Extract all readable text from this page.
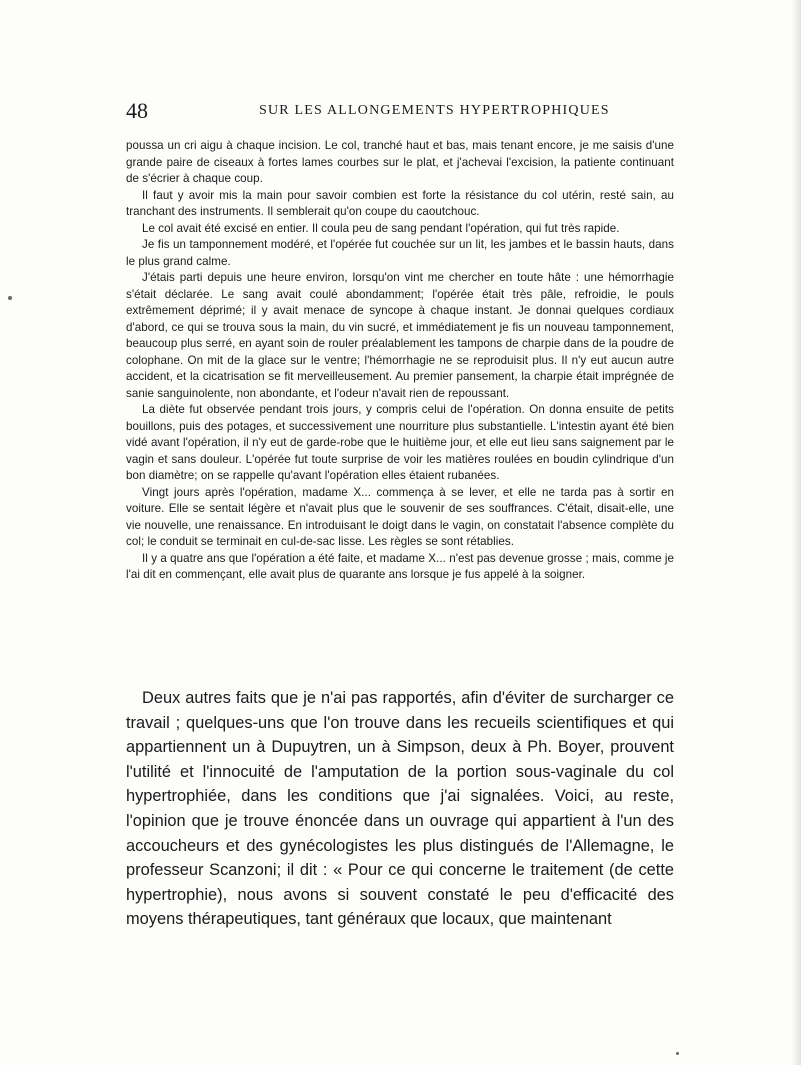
48	SUR LES ALLONGEMENTS HYPERTROPHIQUES

poussa un cri aigu à chaque incision. Le col, tranché haut et bas, mais tenant encore, je me saisis d'une grande paire de ciseaux à fortes lames courbes sur le plat, et j'achevai l'excision, la patiente continuant de s'écrier à chaque coup.

Il faut y avoir mis la main pour savoir combien est forte la résistance du col utérin, resté sain, au tranchant des instruments. Il semblerait qu'on coupe du caoutchouc.

Le col avait été excisé en entier. Il coula peu de sang pendant l'opération, qui fut très rapide.

Je fis un tamponnement modéré, et l'opérée fut couchée sur un lit, les jambes et le bassin hauts, dans le plus grand calme.

J'étais parti depuis une heure environ, lorsqu'on vint me chercher en toute hâte : une hémorrhagie s'était déclarée. Le sang avait coulé abondamment; l'opérée était très pâle, refroidie, le pouls extrêmement déprimé; il y avait menace de syncope à chaque instant. Je donnai quelques cordiaux d'abord, ce qui se trouva sous la main, du vin sucré, et immédiatement je fis un nouveau tamponnement, beaucoup plus serré, en ayant soin de rouler préalablement les tampons de charpie dans de la poudre de colophane. On mit de la glace sur le ventre; l'hémorrhagie ne se reproduisit plus. Il n'y eut aucun autre accident, et la cicatrisation se fit merveilleusement. Au premier pansement, la charpie était imprégnée de sanie sanguinolente, non abondante, et l'odeur n'avait rien de repoussant.

La diète fut observée pendant trois jours, y compris celui de l'opération. On donna ensuite de petits bouillons, puis des potages, et successivement une nourriture plus substantielle. L'intestin ayant été bien vidé avant l'opération, il n'y eut de garde-robe que le huitième jour, et elle eut lieu sans saignement par le vagin et sans douleur. L'opérée fut toute surprise de voir les matières roulées en boudin cylindrique d'un bon diamètre; on se rappelle qu'avant l'opération elles étaient rubanées.

Vingt jours après l'opération, madame X... commença à se lever, et elle ne tarda pas à sortir en voiture. Elle se sentait légère et n'avait plus que le souvenir de ses souffrances. C'était, disait-elle, une vie nouvelle, une renaissance. En introduisant le doigt dans le vagin, on constatait l'absence complète du col; le conduit se terminait en cul-de-sac lisse. Les règles se sont rétablies.

Il y a quatre ans que l'opération a été faite, et madame X... n'est pas devenue grosse ; mais, comme je l'ai dit en commençant, elle avait plus de quarante ans lorsque je fus appelé à la soigner.

Deux autres faits que je n'ai pas rapportés, afin d'éviter de surcharger ce travail ; quelques-uns que l'on trouve dans les recueils scientifiques et qui appartiennent un à Dupuytren, un à Simpson, deux à Ph. Boyer, prouvent l'utilité et l'innocuité de l'amputation de la portion sous-vaginale du col hypertrophiée, dans les conditions que j'ai signalées. Voici, au reste, l'opinion que je trouve énoncée dans un ouvrage qui appartient à l'un des accoucheurs et des gynécologistes les plus distingués de l'Allemagne, le professeur Scanzoni; il dit : « Pour ce qui concerne le traitement (de cette hypertrophie), nous avons si souvent constaté le peu d'efficacité des moyens thérapeutiques, tant généraux que locaux, que maintenant
